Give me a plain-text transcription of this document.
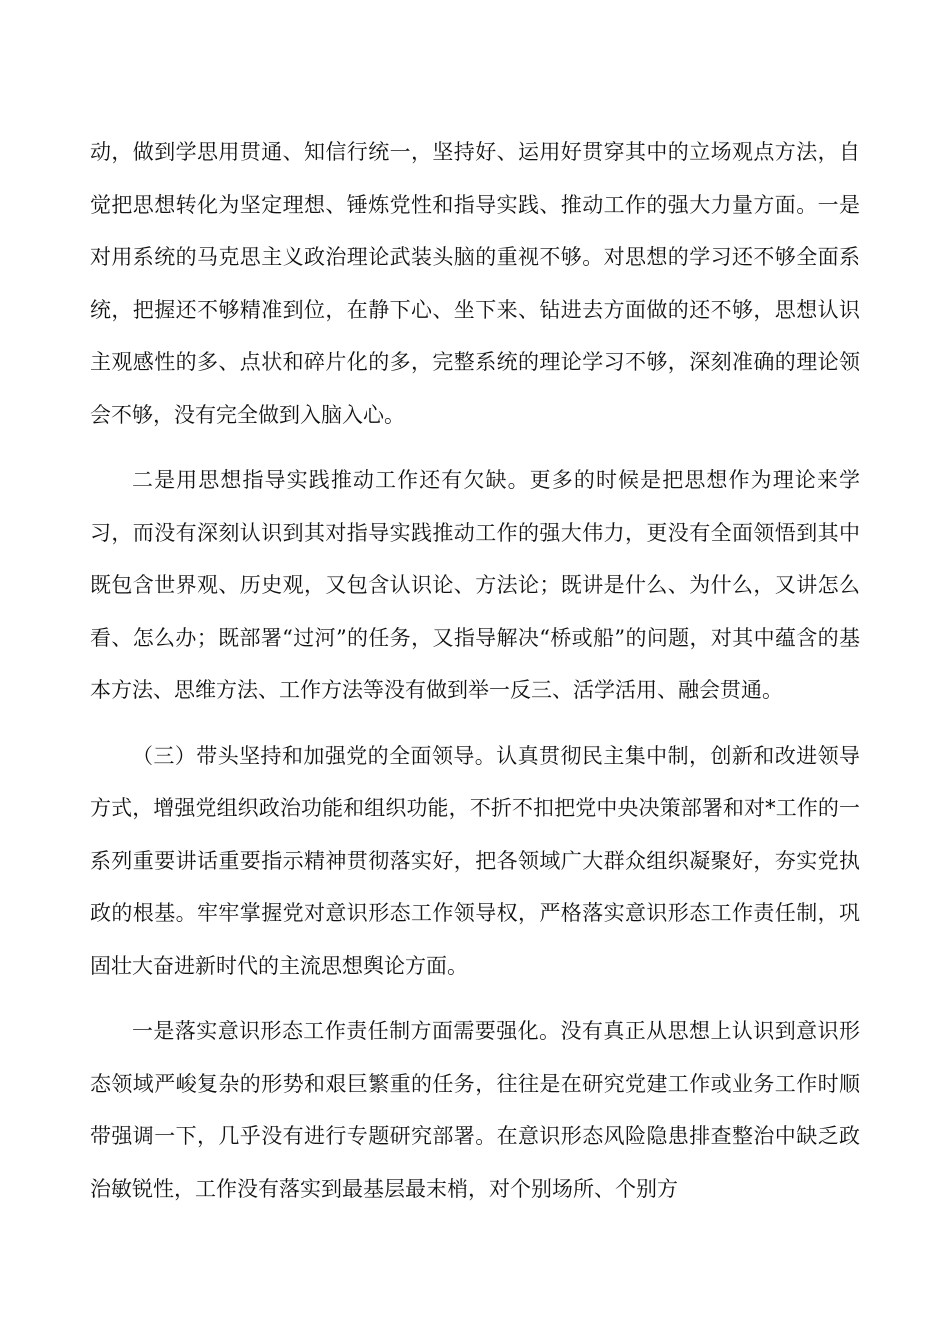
动，做到学思用贯通、知信行统一，坚持好、运用好贯穿其中的立场观点方法，自觉把思想转化为坚定理想、锤炼党性和指导实践、推动工作的强大力量方面。一是对用系统的马克思主义政治理论武装头脑的重视不够。对思想的学习还不够全面系统，把握还不够精准到位，在静下心、坐下来、钻进去方面做的还不够，思想认识主观感性的多、点状和碎片化的多，完整系统的理论学习不够，深刻准确的理论领会不够，没有完全做到入脑入心。

二是用思想指导实践推动工作还有欠缺。更多的时候是把思想作为理论来学习，而没有深刻认识到其对指导实践推动工作的强大伟力，更没有全面领悟到其中既包含世界观、历史观，又包含认识论、方法论；既讲是什么、为什么，又讲怎么看、怎么办；既部署“过河”的任务，又指导解决“桥或船”的问题，对其中蕴含的基本方法、思维方法、工作方法等没有做到举一反三、活学活用、融会贯通。

（三）带头坚持和加强党的全面领导。认真贯彻民主集中制，创新和改进领导方式，增强党组织政治功能和组织功能，不折不扣把党中央决策部署和对*工作的一系列重要讲话重要指示精神贯彻落实好，把各领域广大群众组织凝聚好，夯实党执政的根基。牢牢掌握党对意识形态工作领导权，严格落实意识形态工作责任制，巩固壮大奋进新时代的主流思想舆论方面。

一是落实意识形态工作责任制方面需要强化。没有真正从思想上认识到意识形态领域严峻复杂的形势和艰巨繁重的任务，往往是在研究党建工作或业务工作时顺带强调一下，几乎没有进行专题研究部署。在意识形态风险隐患排查整治中缺乏政治敏锐性，工作没有落实到最基层最末梢，对个别场所、个别方
